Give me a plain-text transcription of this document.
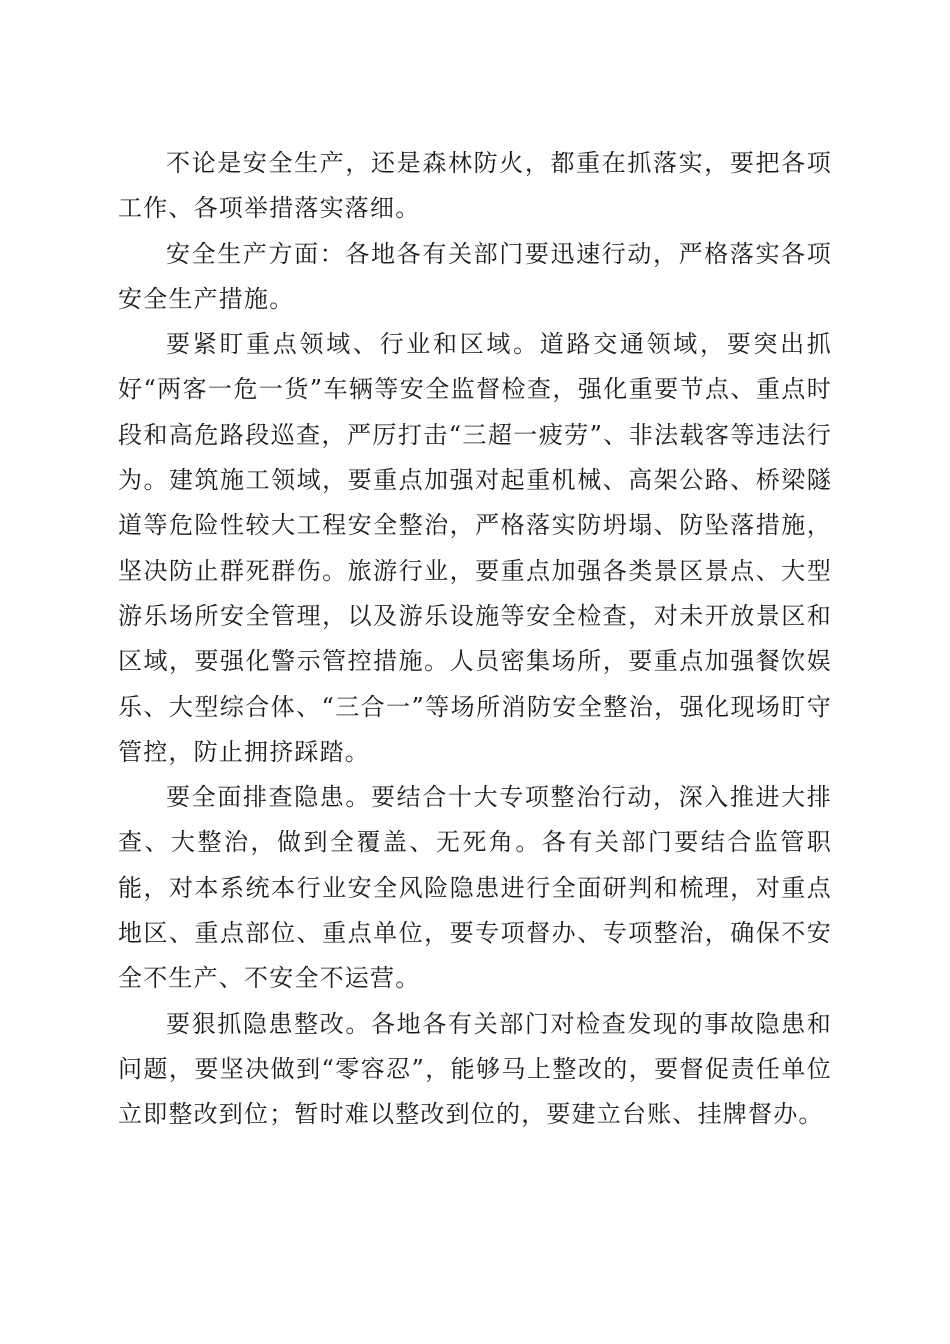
不论是安全生产，还是森林防火，都重在抓落实，要把各项工作、各项举措落实落细。

安全生产方面：各地各有关部门要迅速行动，严格落实各项安全生产措施。

要紧盯重点领域、行业和区域。道路交通领域，要突出抓好“两客一危一货”车辆等安全监督检查，强化重要节点、重点时段和高危路段巡查，严厉打击“三超一疲劳”、非法载客等违法行为。建筑施工领域，要重点加强对起重机械、高架公路、桥梁隧道等危险性较大工程安全整治，严格落实防坍塌、防坠落措施，坚决防止群死群伤。旅游行业，要重点加强各类景区景点、大型游乐场所安全管理，以及游乐设施等安全检查，对未开放景区和区域，要强化警示管控措施。人员密集场所，要重点加强餐饮娱乐、大型综合体、“三合一”等场所消防安全整治，强化现场盯守管控，防止拥挤踩踏。

要全面排查隐患。要结合十大专项整治行动，深入推进大排查、大整治，做到全覆盖、无死角。各有关部门要结合监管职能，对本系统本行业安全风险隐患进行全面研判和梳理，对重点地区、重点部位、重点单位，要专项督办、专项整治，确保不安全不生产、不安全不运营。

要狠抓隐患整改。各地各有关部门对检查发现的事故隐患和问题，要坚决做到“零容忍”，能够马上整改的，要督促责任单位立即整改到位；暂时难以整改到位的，要建立台账、挂牌督办。
